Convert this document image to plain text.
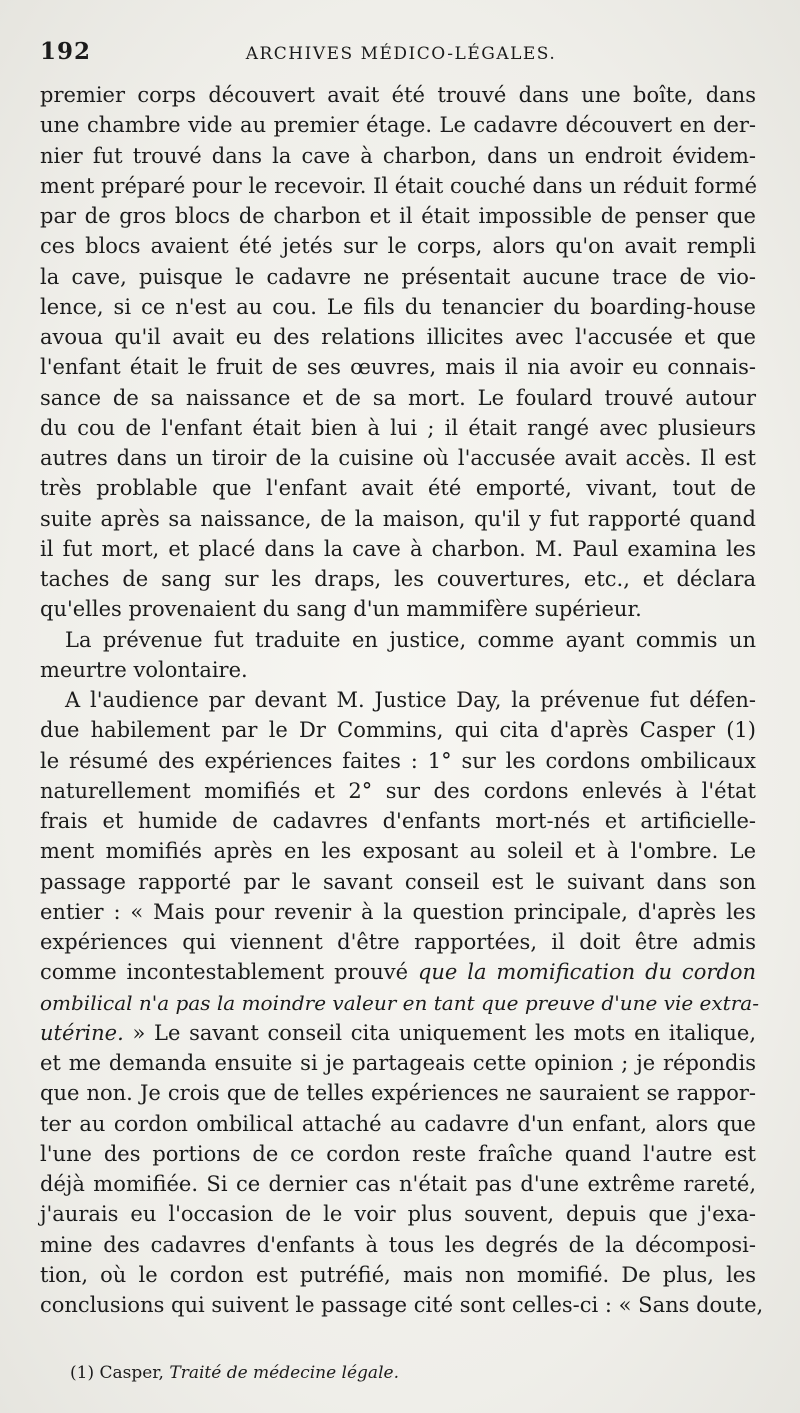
192	ARCHIVES MÉDICO-LÉGALES.
premier corps découvert avait été trouvé dans une boîte, dans
une chambre vide au premier étage. Le cadavre découvert en der-
nier fut trouvé dans la cave à charbon, dans un endroit évidem-
ment préparé pour le recevoir. Il était couché dans un réduit formé
par de gros blocs de charbon et il était impossible de penser que
ces blocs avaient été jetés sur le corps, alors qu'on avait rempli
la cave, puisque le cadavre ne présentait aucune trace de vio-
lence, si ce n'est au cou. Le fils du tenancier du boarding-house
avoua qu'il avait eu des relations illicites avec l'accusée et que
l'enfant était le fruit de ses œuvres, mais il nia avoir eu connais-
sance de sa naissance et de sa mort. Le foulard trouvé autour
du cou de l'enfant était bien à lui ; il était rangé avec plusieurs
autres dans un tiroir de la cuisine où l'accusée avait accès. Il est
très problable que l'enfant avait été emporté, vivant, tout de
suite après sa naissance, de la maison, qu'il y fut rapporté quand
il fut mort, et placé dans la cave à charbon. M. Paul examina les
taches de sang sur les draps, les couvertures, etc., et déclara
qu'elles provenaient du sang d'un mammifère supérieur.
La prévenue fut traduite en justice, comme ayant commis un
meurtre volontaire.
A l'audience par devant M. Justice Day, la prévenue fut défen-
due habilement par le Dr Commins, qui cita d'après Casper (1)
le résumé des expériences faites : 1° sur les cordons ombilicaux
naturellement momifiés et 2° sur des cordons enlevés à l'état
frais et humide de cadavres d'enfants mort-nés et artificielle-
ment momifiés après en les exposant au soleil et à l'ombre. Le
passage rapporté par le savant conseil est le suivant dans son
entier : « Mais pour revenir à la question principale, d'après les
expériences qui viennent d'être rapportées, il doit être admis
comme incontestablement prouvé que la momification du cordon
ombilical n'a pas la moindre valeur en tant que preuve d'une vie extra-
utérine. » Le savant conseil cita uniquement les mots en italique,
et me demanda ensuite si je partageais cette opinion ; je répondis
que non. Je crois que de telles expériences ne sauraient se rappor-
ter au cordon ombilical attaché au cadavre d'un enfant, alors que
l'une des portions de ce cordon reste fraîche quand l'autre est
déjà momifiée. Si ce dernier cas n'était pas d'une extrême rareté,
j'aurais eu l'occasion de le voir plus souvent, depuis que j'exa-
mine des cadavres d'enfants à tous les degrés de la décomposi-
tion, où le cordon est putréfié, mais non momifié. De plus, les
conclusions qui suivent le passage cité sont celles-ci : « Sans doute,
(1) Casper, Traité de médecine légale.
